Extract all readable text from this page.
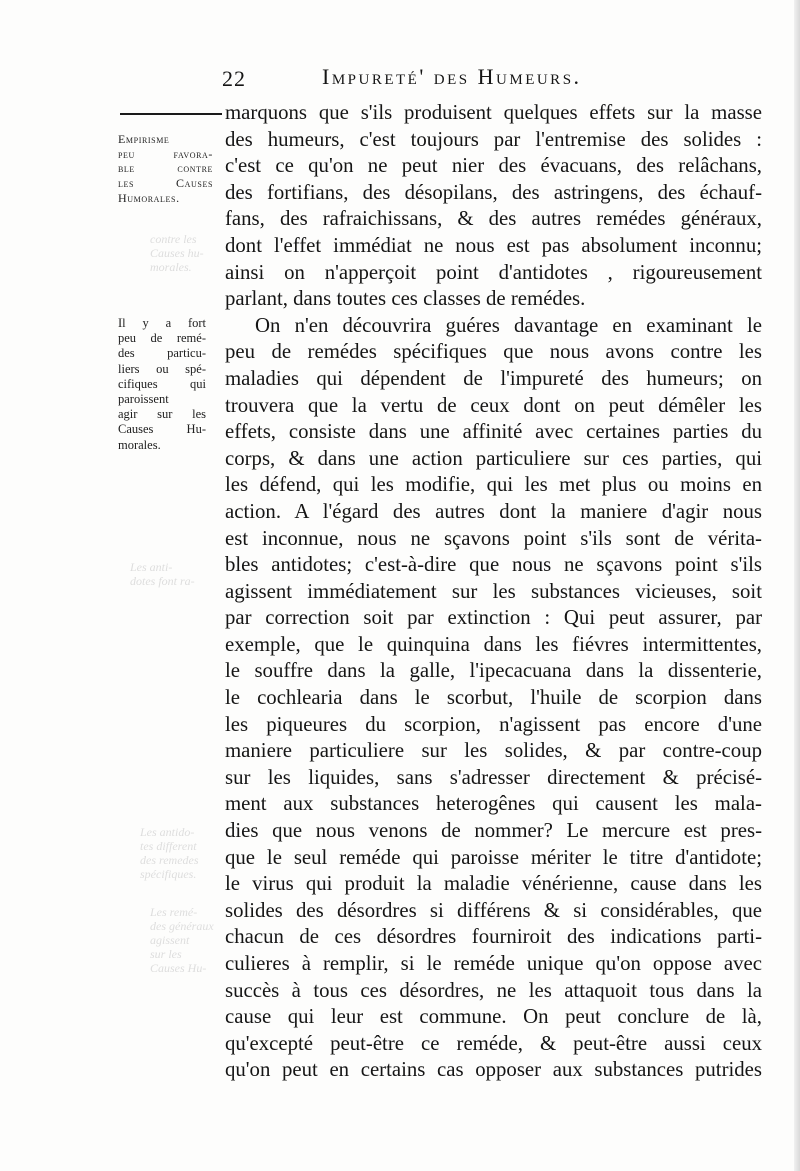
contre les
Causes hu-
morales.
Les anti-
dotes font ra-
Les antido-
tes different
des remedes
spécifiques.
Les remé-
des généraux
agissent
sur les
Causes Hu-
22	Impureté' des Humeurs.
Empirisme
peu favora-
ble contre
les Causes
Humorales.
Il y a fort
peu de remé-
des particu-
liers ou spé-
cifiques qui
paroissent
agir sur les
Causes Hu-
morales.
marquons que s'ils produisent quelques effets sur la masse
des humeurs, c'est toujours par l'entremise des solides :
c'est ce qu'on ne peut nier des évacuans, des relâchans,
des fortifians, des désopilans, des astringens, des échauf-
fans, des rafraichissans, & des autres remédes généraux,
dont l'effet immédiat ne nous est pas absolument inconnu;
ainsi on n'apperçoit point d'antidotes , rigoureusement
parlant, dans toutes ces classes de remédes.
On n'en découvrira guéres davantage en examinant le
peu de remédes spécifiques que nous avons contre les
maladies qui dépendent de l'impureté des humeurs; on
trouvera que la vertu de ceux dont on peut démêler les
effets, consiste dans une affinité avec certaines parties du
corps, & dans une action particuliere sur ces parties, qui
les défend, qui les modifie, qui les met plus ou moins en
action. A l'égard des autres dont la maniere d'agir nous
est inconnue, nous ne sçavons point s'ils sont de vérita-
bles antidotes; c'est-à-dire que nous ne sçavons point s'ils
agissent immédiatement sur les substances vicieuses, soit
par correction soit par extinction : Qui peut assurer, par
exemple, que le quinquina dans les fiévres intermittentes,
le souffre dans la galle, l'ipecacuana dans la dissenterie,
le cochlearia dans le scorbut, l'huile de scorpion dans
les piqueures du scorpion, n'agissent pas encore d'une
maniere particuliere sur les solides, & par contre-coup
sur les liquides, sans s'adresser directement & précisé-
ment aux substances heterogênes qui causent les mala-
dies que nous venons de nommer? Le mercure est pres-
que le seul reméde qui paroisse mériter le titre d'antidote;
le virus qui produit la maladie vénérienne, cause dans les
solides des désordres si différens & si considérables, que
chacun de ces désordres fourniroit des indications parti-
culieres à remplir, si le reméde unique qu'on oppose avec
succès à tous ces désordres, ne les attaquoit tous dans la
cause qui leur est commune. On peut conclure de là,
qu'excepté peut-être ce reméde, & peut-être aussi ceux
qu'on peut en certains cas opposer aux substances putrides
